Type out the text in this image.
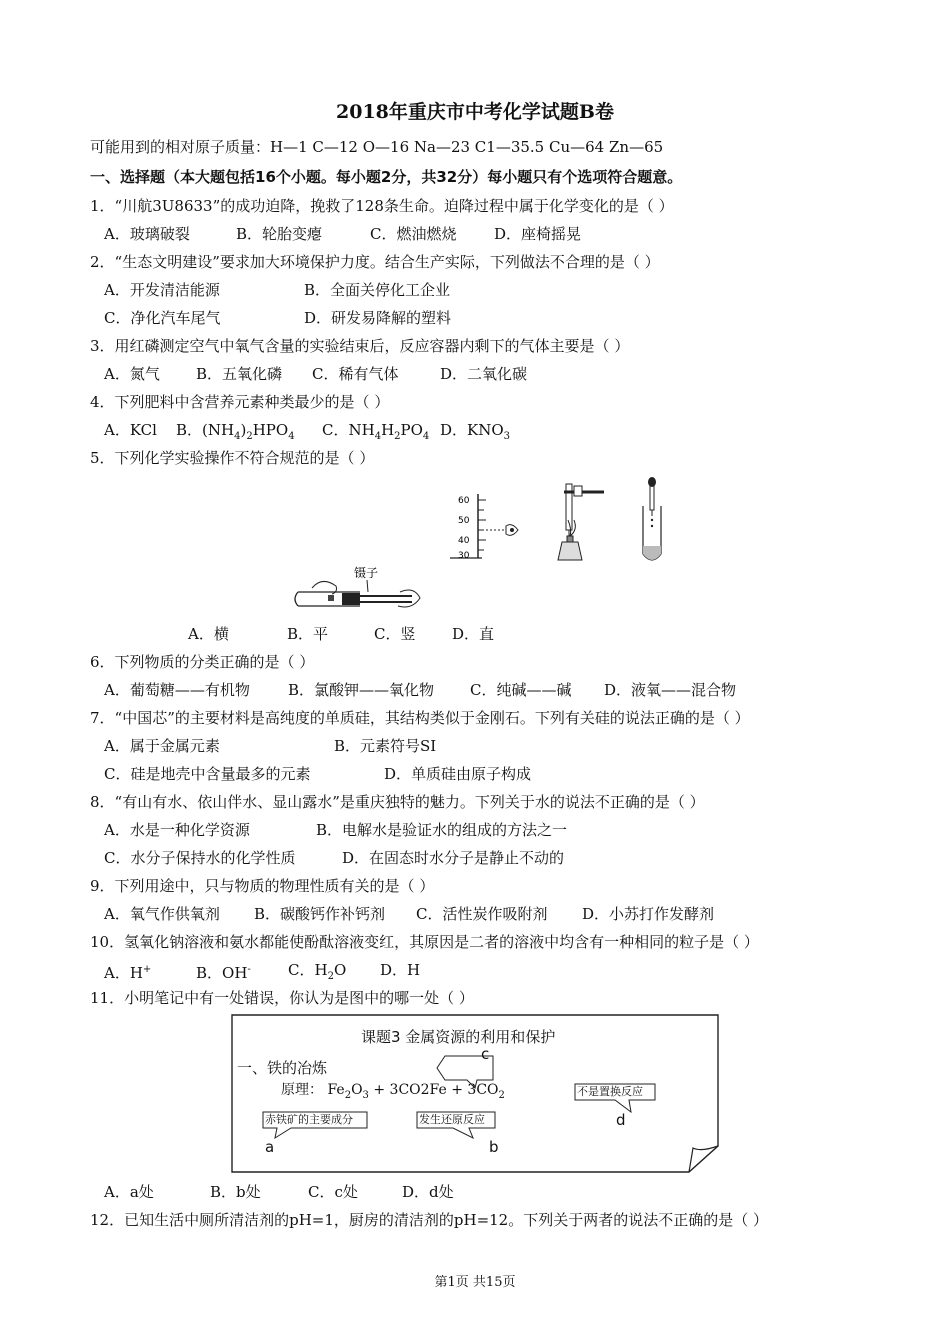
2018年重庆市中考化学试题B卷
可能用到的相对原子质量：H—1 C—12 O—16 Na—23 C1—35.5 Cu—64 Zn—65
一、选择题（本大题包括16个小题。每小题2分，共32分）每小题只有个选项符合题意。
1．“川航3U8633”的成功迫降，挽救了128条生命。迫降过程中属于化学变化的是（ ）
A．玻璃破裂	B．轮胎变瘪	C．燃油燃烧	D．座椅摇晃
2．“生态文明建设”要求加大环境保护力度。结合生产实际，下列做法不合理的是（ ）
A．开发清洁能源	B．全面关停化工企业
C．净化汽车尾气	D．研发易降解的塑料
3．用红磷测定空气中氧气含量的实验结束后，反应容器内剩下的气体主要是（ ）
A．氮气 B．五氧化磷 C．稀有气体	D．二氧化碳
4．下列肥料中含营养元素种类最少的是（ ）
A．KCl B．$(NH_4)_2HPO_4$ C．$NH_4H_2PO_4$ D．$KNO_3$
5．下列化学实验操作不符合规范的是（ ）
60
50
40
30
镊子
A．横	B．平	C．竖 D．直
6．下列物质的分类正确的是（ ）
A．葡萄糖——有机物	B．氯酸钾——氧化物 C．纯碱——碱 D．液氧——混合物
7．“中国芯”的主要材料是高纯度的单质硅，其结构类似于金刚石。下列有关硅的说法正确的是（ ）
A．属于金属元素	B．元素符号SI
C．硅是地壳中含量最多的元素	D．单质硅由原子构成
8．“有山有水、依山伴水、显山露水”是重庆独特的魅力。下列关于水的说法不正确的是（ ）
A．水是一种化学资源	B．电解水是验证水的组成的方法之一
C．水分子保持水的化学性质	D．在固态时水分子是静止不动的
9．下列用途中，只与物质的物理性质有关的是（ ）
A．氧气作供氧剂 B．碳酸钙作补钙剂 C．活性炭作吸附剂 D．小苏打作发酵剂
10．氢氧化钠溶液和氨水都能使酚酞溶液变红，其原因是二者的溶液中均含有一种相同的粒子是（ ）
A．H+	B．OH- C．$H_2O$ D．H
11．小明笔记中有一处错误，你认为是图中的哪一处（ ）
课题3 金属资源的利用和保护
一、铁的冶炼
原理： $Fe_2O_3 + 3CO2Fe + 3CO_2$
赤铁矿的主要成分	发生还原反应
不是置换反应
c
a	b
d
A．a处	B．b处	C．c处	D．d处
12．已知生活中厕所清洁剂的pH=1，厨房的清洁剂的pH=12。下列关于两者的说法不正确的是（ ）
第1页 共15页
